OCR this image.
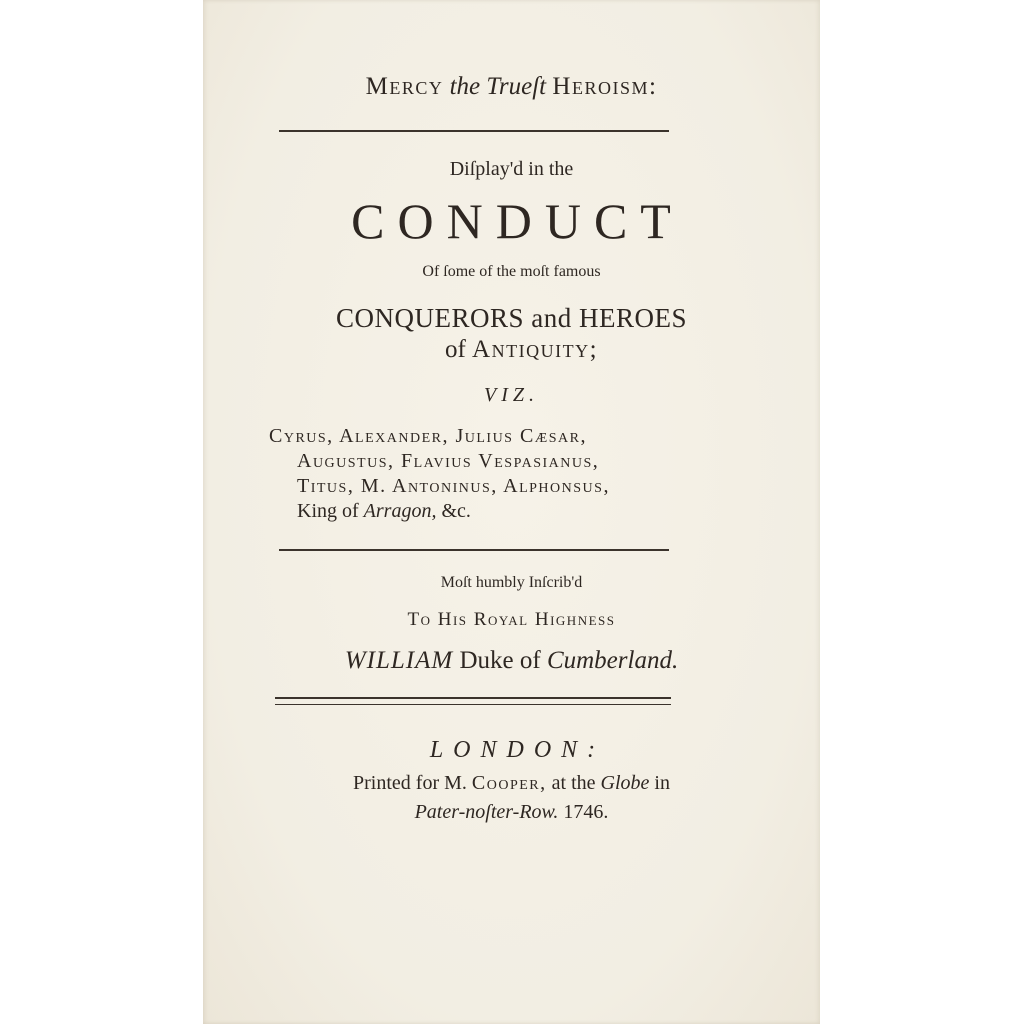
Mercy the Trueſt Heroism:
Diſplay'd in the
CONDUCT
Of ſome of the moſt famous
CONQUERORS and HEROES
of Antiquity;
VIZ.
Cyrus, Alexander, Julius Cæsar,
Augustus, Flavius Vespasianus,
Titus, M. Antoninus, Alphonsus,
King of Arragon, &c.
Moſt humbly Inſcrib'd
To His Royal Highness
WILLIAM Duke of Cumberland.
LONDON:
Printed for M. Cooper, at the Globe in
Pater-noſter-Row. 1746.
